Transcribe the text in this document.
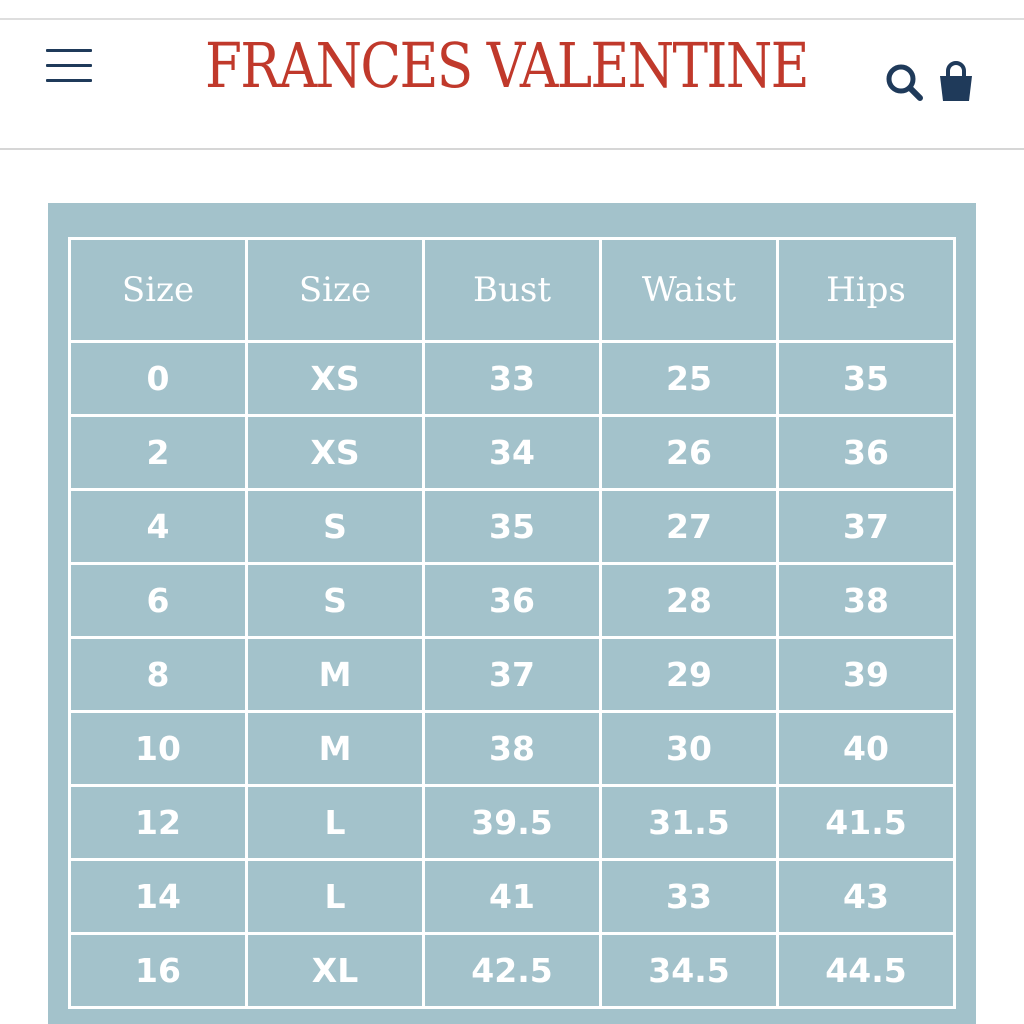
FRANCES VALENTINE
Size	Size	Bust	Waist	Hips
0	XS	33	25	35
2	XS	34	26	36
4	S	35	27	37
6	S	36	28	38
8	M	37	29	39
10	M	38	30	40
12	L	39.5	31.5	41.5
14	L	41	33	43
16	XL	42.5	34.5	44.5
